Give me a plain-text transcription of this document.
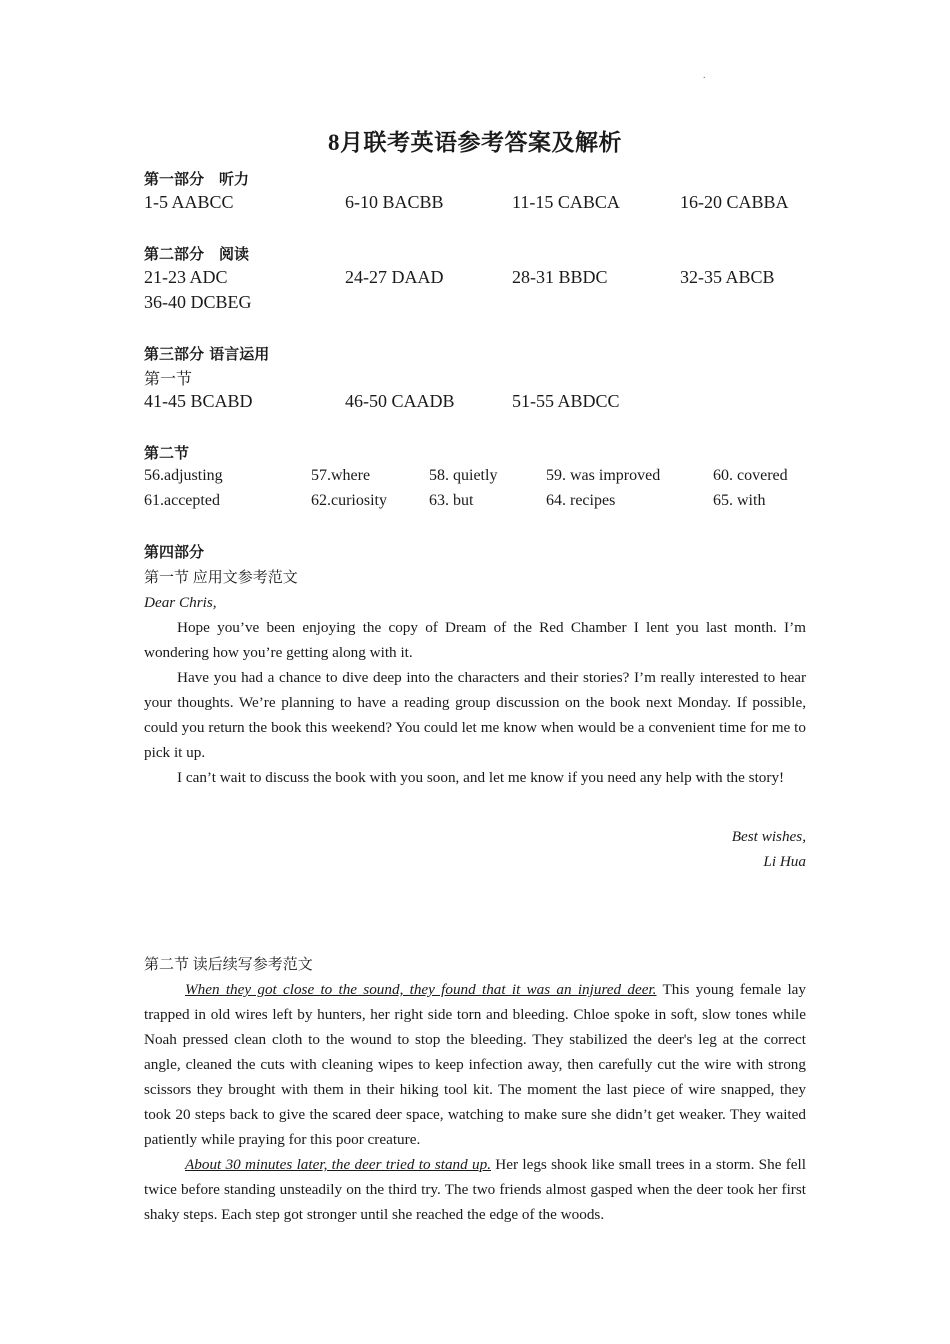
.
8月联考英语参考答案及解析
第一部分　听力
1-5 AABCC	6-10 BACBB	11-15 CABCA	16-20 CABBA
第二部分　阅读
21-23 ADC	24-27 DAAD	28-31 BBDC	32-35 ABCB
36-40 DCBEG
第三部分 语言运用
第一节
41-45 BCABD	46-50 CAADB	51-55 ABDCC
第二节
56.adjusting	57.where	58. quietly	59. was improved	60. covered
61.accepted	62.curiosity	63. but	64. recipes	65. with
第四部分
第一节 应用文参考范文

Dear Chris,

Hope you’ve been enjoying the copy of Dream of the Red Chamber I lent you last month. I’m wondering how you’re getting along with it.

Have you had a chance to dive deep into the characters and their stories? I’m really interested to hear your thoughts. We’re planning to have a reading group discussion on the book next Monday. If possible, could you return the book this weekend? You could let me know when would be a convenient time for me to pick it up.

I can’t wait to discuss the book with you soon, and let me know if you need any help with the story!

Best wishes,

Li Hua

第二节 读后续写参考范文

When they got close to the sound, they found that it was an injured deer. This young female lay trapped in old wires left by hunters, her right side torn and bleeding. Chloe spoke in soft, slow tones while Noah pressed clean cloth to the wound to stop the bleeding. They stabilized the deer's leg at the correct angle, cleaned the cuts with cleaning wipes to keep infection away, then carefully cut the wire with strong scissors they brought with them in their hiking tool kit. The moment the last piece of wire snapped, they took 20 steps back to give the scared deer space, watching to make sure she didn’t get weaker. They waited patiently while praying for this poor creature.

About 30 minutes later, the deer tried to stand up. Her legs shook like small trees in a storm. She fell twice before standing unsteadily on the third try. The two friends almost gasped when the deer took her first shaky steps. Each step got stronger until she reached the edge of the woods.
